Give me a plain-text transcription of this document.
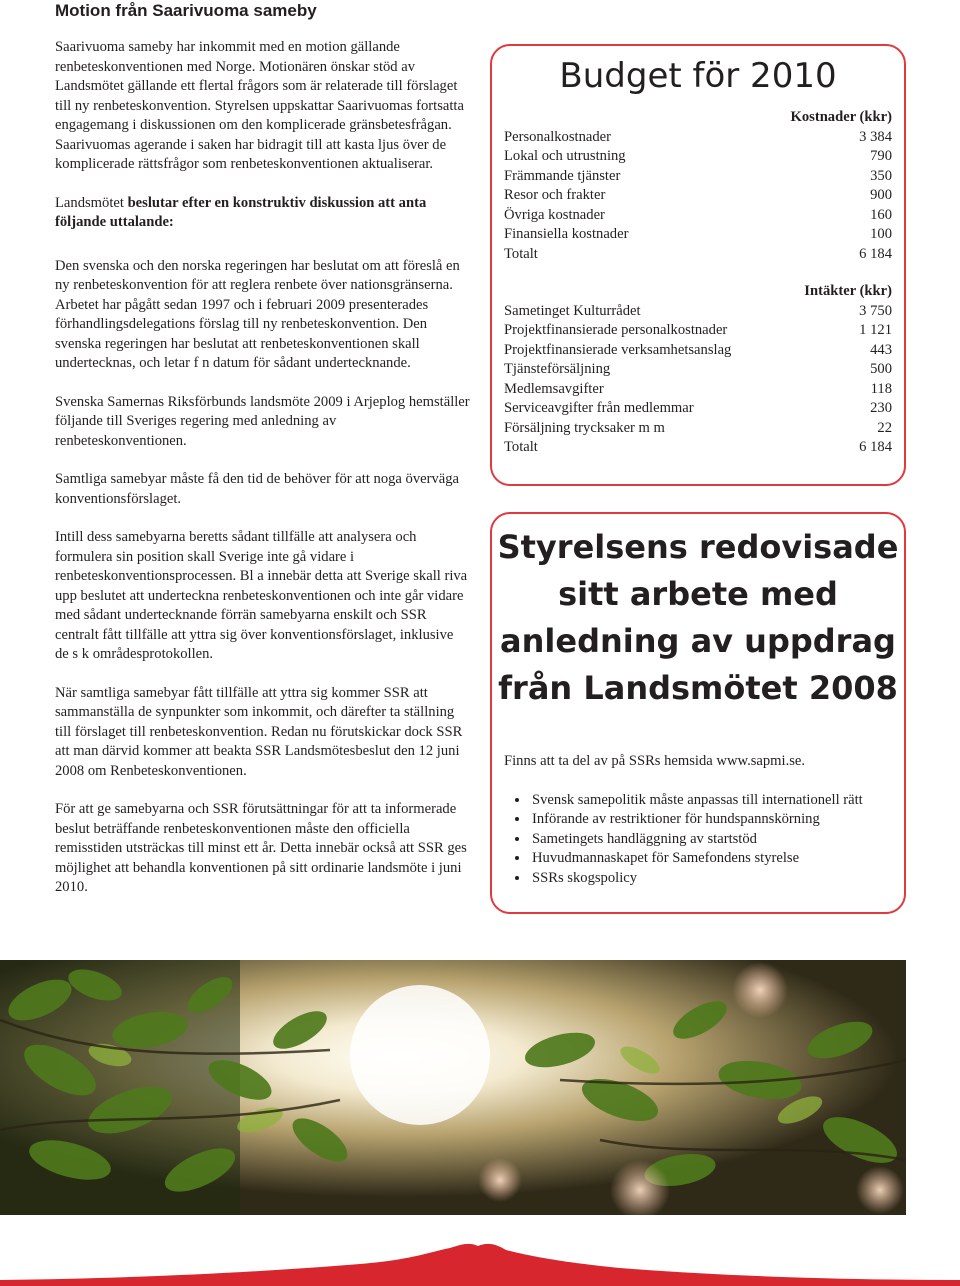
Motion från Saarivuoma sameby

Saarivuoma sameby har inkommit med en motion gällande renbeteskonventionen med Norge. Motionären önskar stöd av Landsmötet gällande ett flertal frågors som är relaterade till förslaget till ny renbeteskonvention. Styrelsen uppskattar Saarivuomas fortsatta engagemang i diskussionen om den komplicerade gränsbetesfrågan. Saarivuomas agerande i saken har bidragit till att kasta ljus över de komplicerade rättsfrågor som renbeteskonventionen aktualiserar.

Landsmötet beslutar efter en konstruktiv diskussion att anta följande uttalande:

Den svenska och den norska regeringen har beslutat om att föreslå en ny renbeteskonvention för att reglera renbete över nationsgränserna. Arbetet har pågått sedan 1997 och i februari 2009 presenterades förhandlingsdelegations förslag till ny renbeteskonvention. Den svenska regeringen har beslutat att renbeteskonventionen skall undertecknas, och letar f n datum för sådant undertecknande.

Svenska Samernas Riksförbunds landsmöte 2009 i Arjeplog hemställer följande till Sveriges regering med anledning av renbeteskonventionen.

Samtliga samebyar måste få den tid de behöver för att noga överväga konventionsförslaget.

Intill dess samebyarna beretts sådant tillfälle att analysera och formulera sin position skall Sverige inte gå vidare i renbeteskonventionsprocessen. Bl a innebär detta att Sverige skall riva upp beslutet att underteckna renbeteskonventionen och inte går vidare med sådant undertecknande förrän samebyarna enskilt och SSR centralt fått tillfälle att yttra sig över konventionsförslaget, inklusive de s k områdesprotokollen.

När samtliga samebyar fått tillfälle att yttra sig kommer SSR att sammanställa de synpunkter som inkommit, och därefter ta ställning till förslaget till renbeteskonvention. Redan nu förutskickar dock SSR att man därvid kommer att beakta SSR Landsmötesbeslut den 12 juni 2008 om Renbeteskonventionen.

För att ge samebyarna och SSR förutsättningar för att ta informerade beslut beträffande renbeteskonventionen måste den officiella remisstiden utsträckas till minst ett år. Detta innebär också att SSR ges möjlighet att behandla konventionen på sitt ordinarie landsmöte i juni 2010.

Budget för 2010
Kostnader (kkr)
Personalkostnader	3 384
Lokal och utrustning	790
Främmande tjänster	350
Resor och frakter	900
Övriga kostnader	160
Finansiella kostnader	100
Totalt	6 184
Intäkter (kkr)
Sametinget Kulturrådet	3 750
Projektfinansierade personalkostnader	1 121
Projektfinansierade verksamhetsanslag	443
Tjänsteförsäljning	500
Medlemsavgifter	118
Serviceavgifter från medlemmar	230
Försäljning trycksaker m m	22
Totalt	6 184
Styrelsens redovisade
sitt arbete med
anledning av uppdrag
från Landsmötet 2008
Finns att ta del av på SSRs hemsida www.sapmi.se.
• Svensk samepolitik måste anpassas till internationell rätt
• Införande av restriktioner för hundspannskörning
• Sametingets handläggning av startstöd
• Huvudmannaskapet för Samefondens styrelse
• SSRs skogspolicy
